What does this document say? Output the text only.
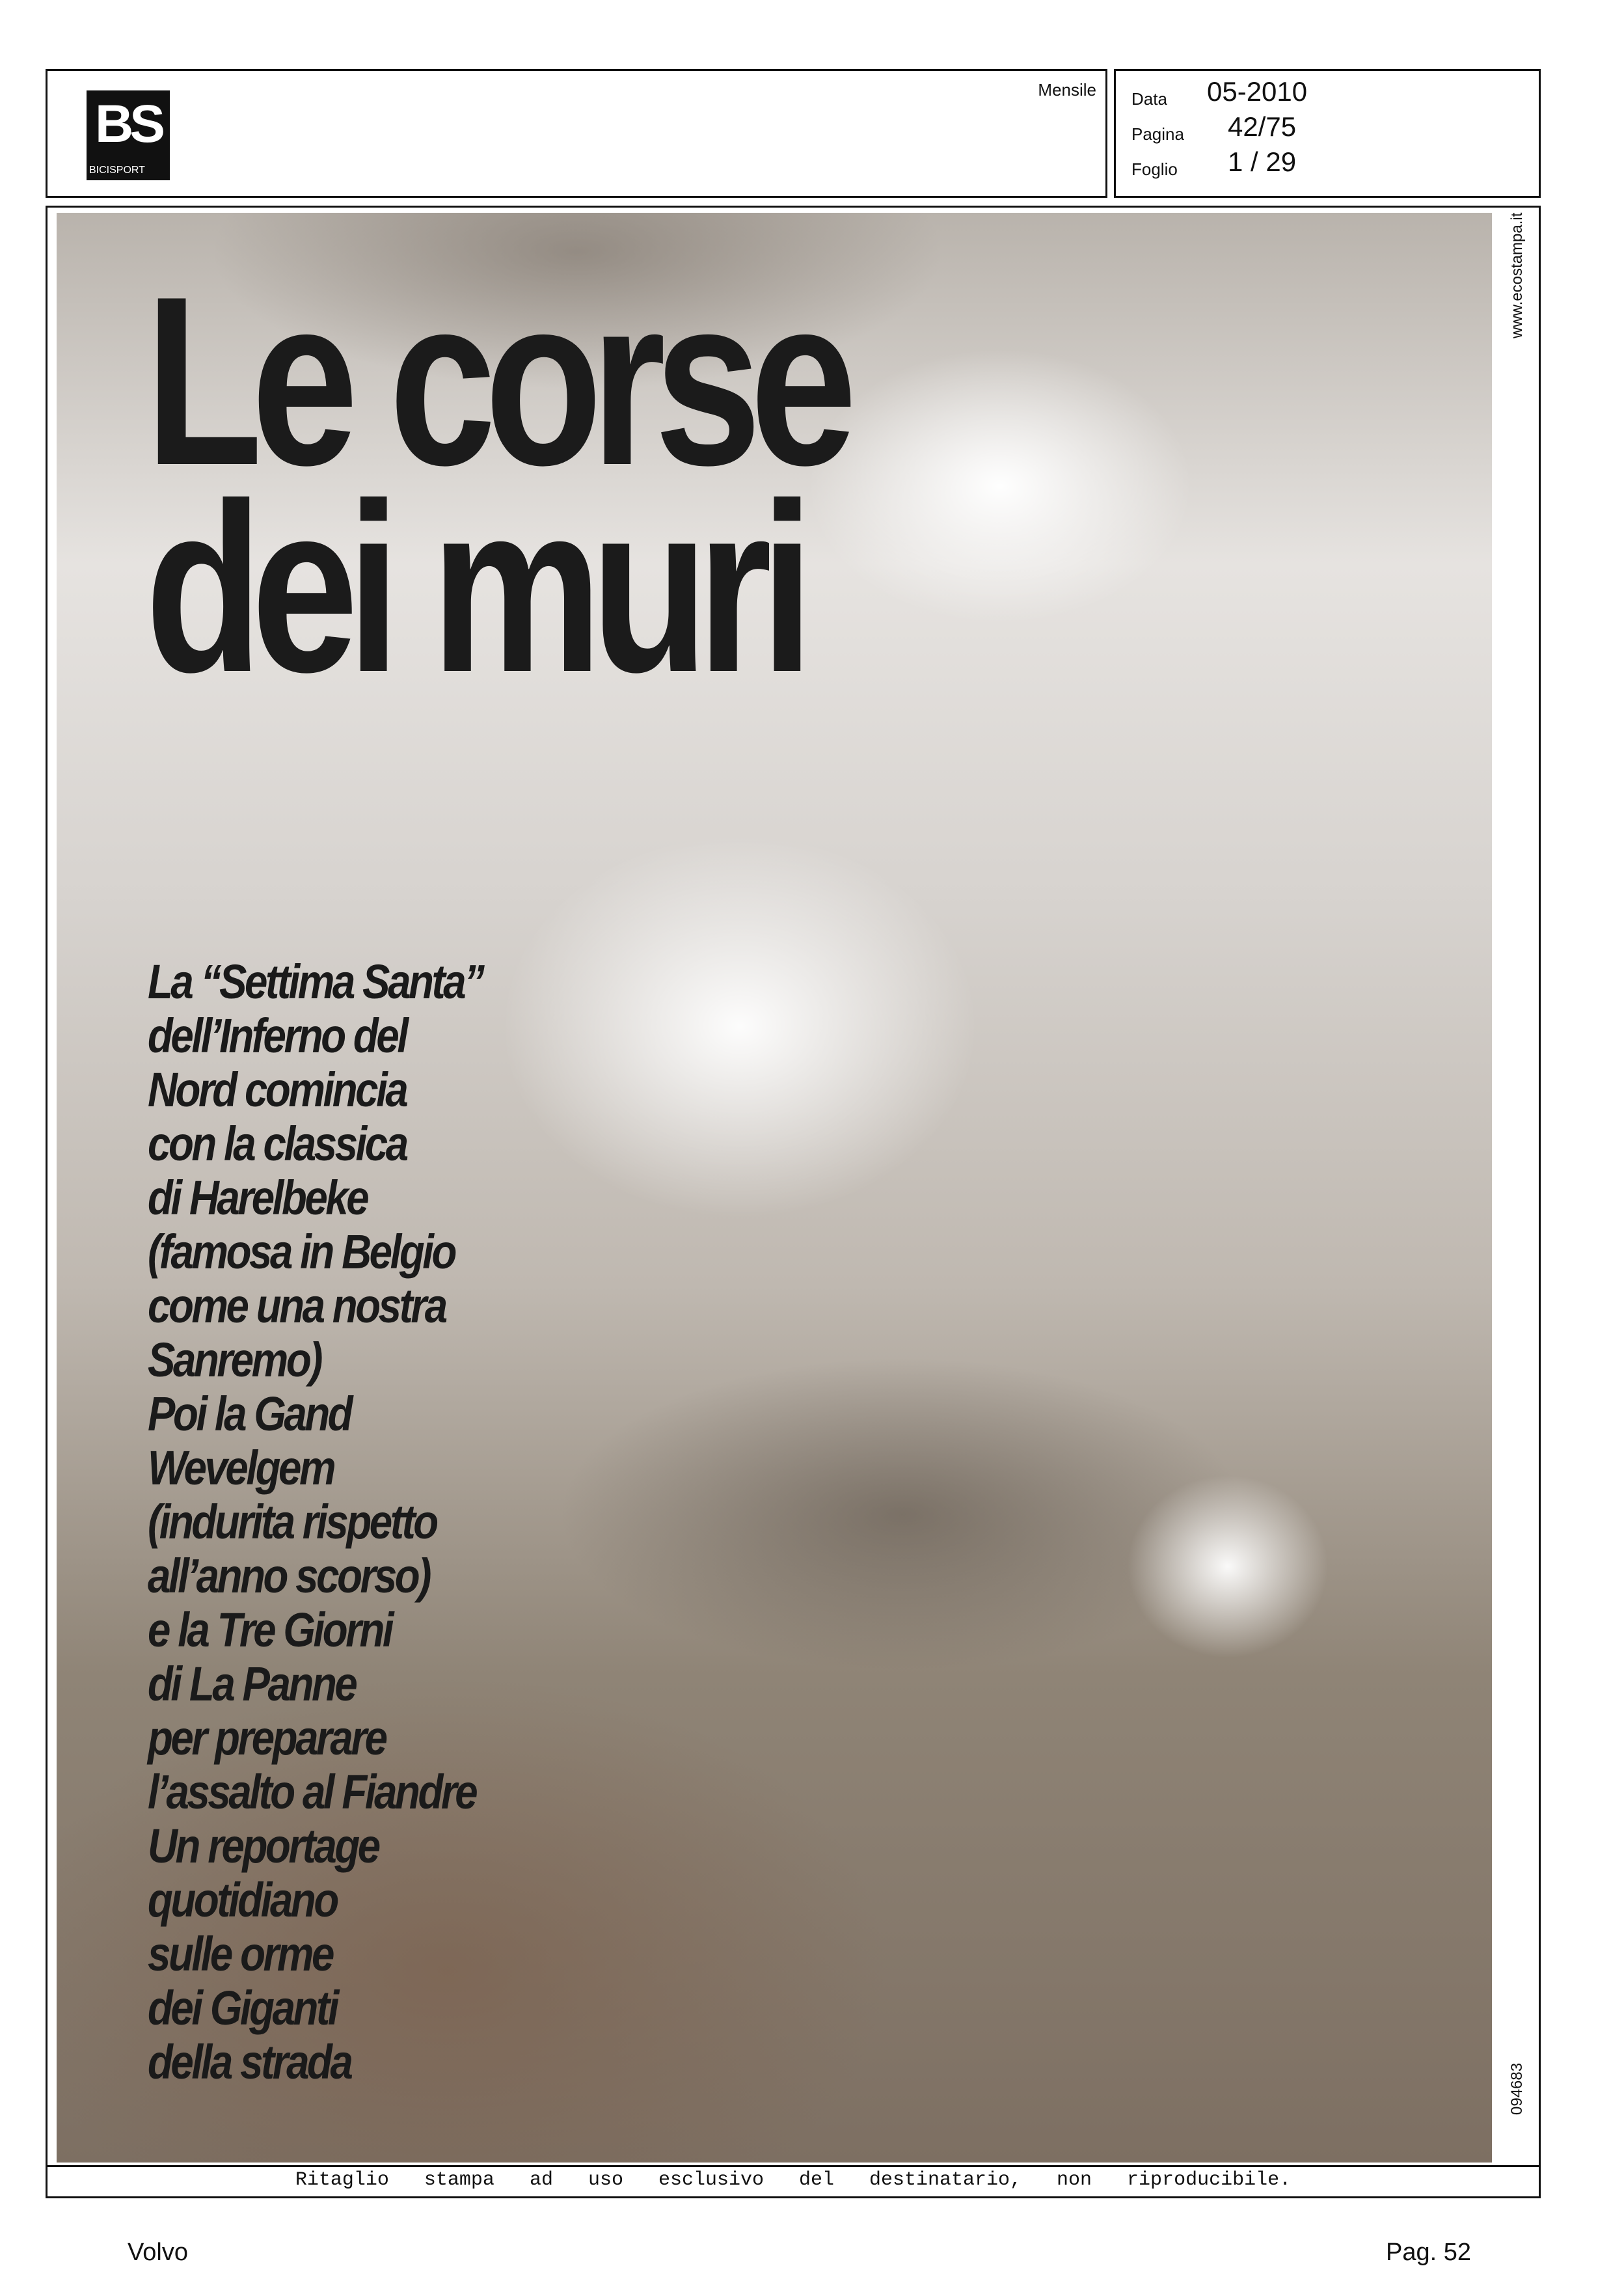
BS
BICISPORT
Mensile Data 05-2010
Pagina 42/75
Foglio 1 / 29
Le corse
dei muri

La “Settima Santa”
dell’Inferno del
Nord comincia
con la classica
di Harelbeke
(famosa in Belgio
come una nostra
Sanremo)
Poi la Gand
Wevelgem
(indurita rispetto
all’anno scorso)
e la Tre Giorni
di La Panne
per preparare
l’assalto al Fiandre
Un reportage
quotidiano
sulle orme
dei Giganti
della strada

Ritaglio stampa ad uso esclusivo del destinatario, non riproducibile.
www.ecostampa.it
094683
Volvo	Pag. 52
